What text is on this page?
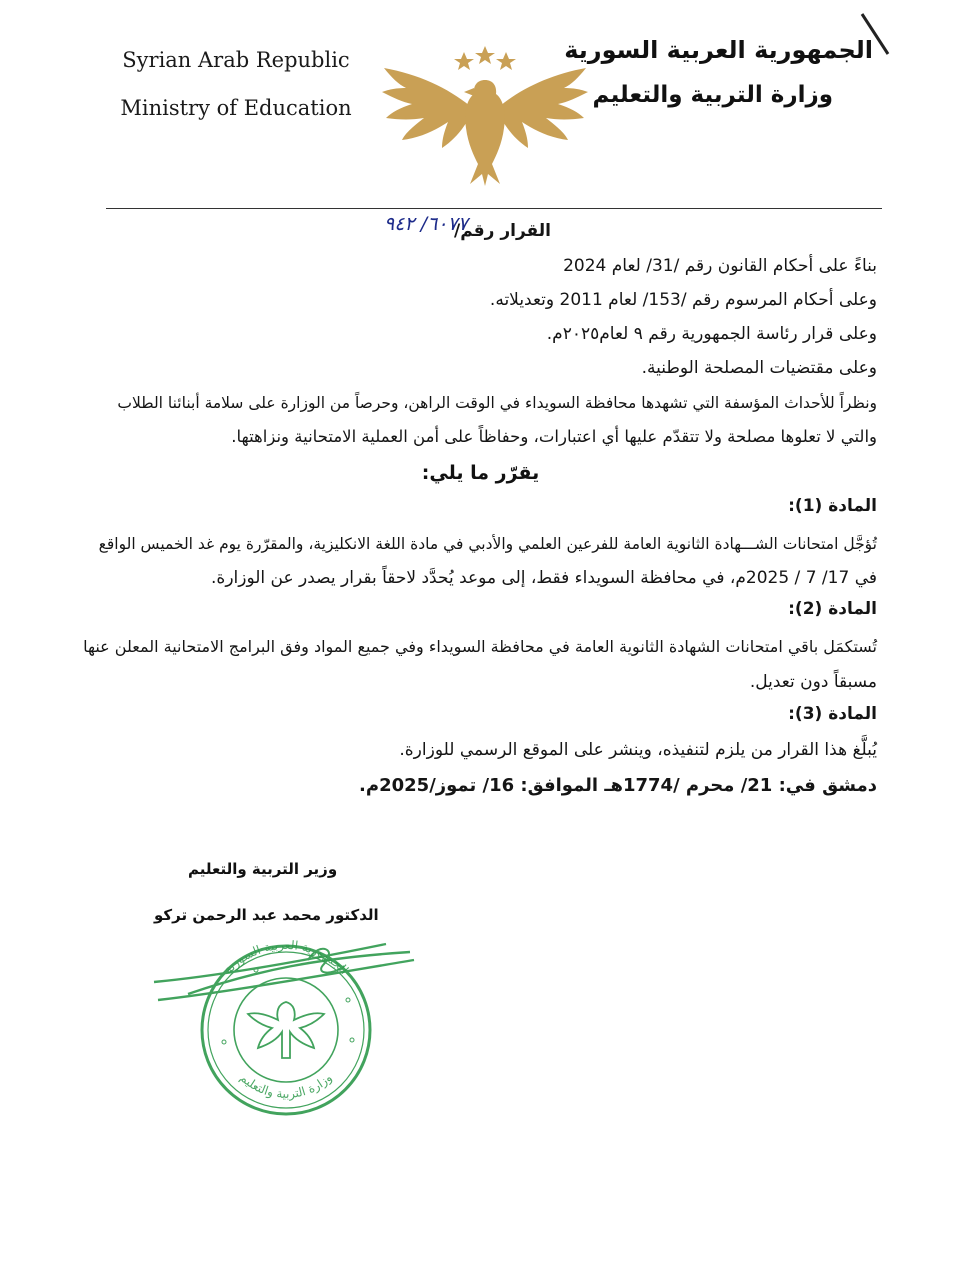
Syrian Arab Republic
Ministry of Education
الجمهورية العربية السورية
وزارة التربية والتعليم
القرار رقم/
٦٠٧٧/ ٩٤٢
بناءً على أحكام القانون رقم /31/ لعام 2024
وعلى أحكام المرسوم رقم /153/ لعام 2011 وتعديلاته.
وعلى قرار رئاسة الجمهورية رقم ٩ لعام٢٠٢٥م.
وعلى مقتضيات المصلحة الوطنية.
ونظراً للأحداث المؤسفة التي تشهدها محافظة السويداء في الوقت الراهن، وحرصاً من الوزارة على سلامة أبنائنا الطلاب
والتي لا تعلوها مصلحة ولا تتقدّم عليها أي اعتبارات، وحفاظاً على أمن العملية الامتحانية ونزاهتها.
يقرّر ما يلي:
المادة (1):
تُؤجَّل امتحانات الشـــهادة الثانوية العامة للفرعين العلمي والأدبي في مادة اللغة الانكليزية، والمقرّرة يوم غد الخميس الواقع
في 17/ 7 / 2025م، في محافظة السويداء فقط، إلى موعد يُحدَّد لاحقاً بقرار يصدر عن الوزارة.
المادة (2):
تُستكمَل باقي امتحانات الشهادة الثانوية العامة في محافظة السويداء وفي جميع المواد وفق البرامج الامتحانية المعلن عنها
مسبقاً دون تعديل.
المادة (3):
يُبلَّغ هذا القرار من يلزم لتنفيذه، وينشر على الموقع الرسمي للوزارة.
دمشق في: 21/ محرم /1774هـ الموافق: 16/ تموز/2025م.
وزير التربية والتعليم
الدكتور محمد عبد الرحمن تركو
الجمهورية العربية السورية
وزارة التربية والتعليم
